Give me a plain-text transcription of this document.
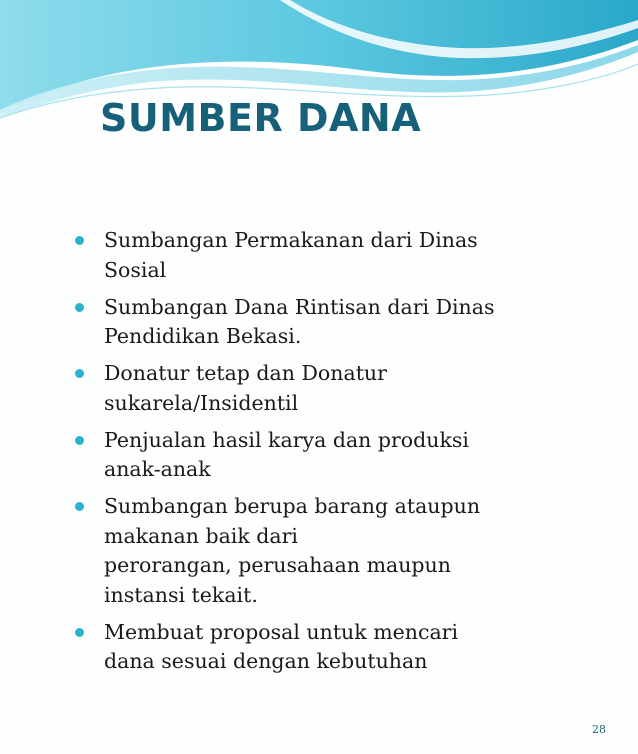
SUMBER DANA
Sumbangan Permakanan dari Dinas
Sosial
Sumbangan Dana Rintisan dari Dinas
Pendidikan Bekasi.
Donatur tetap dan Donatur
sukarela/Insidentil
Penjualan hasil karya dan produksi
anak-anak
Sumbangan berupa barang ataupun
makanan baik dari
perorangan, perusahaan maupun
instansi tekait.
Membuat proposal untuk mencari
dana sesuai dengan kebutuhan
28
